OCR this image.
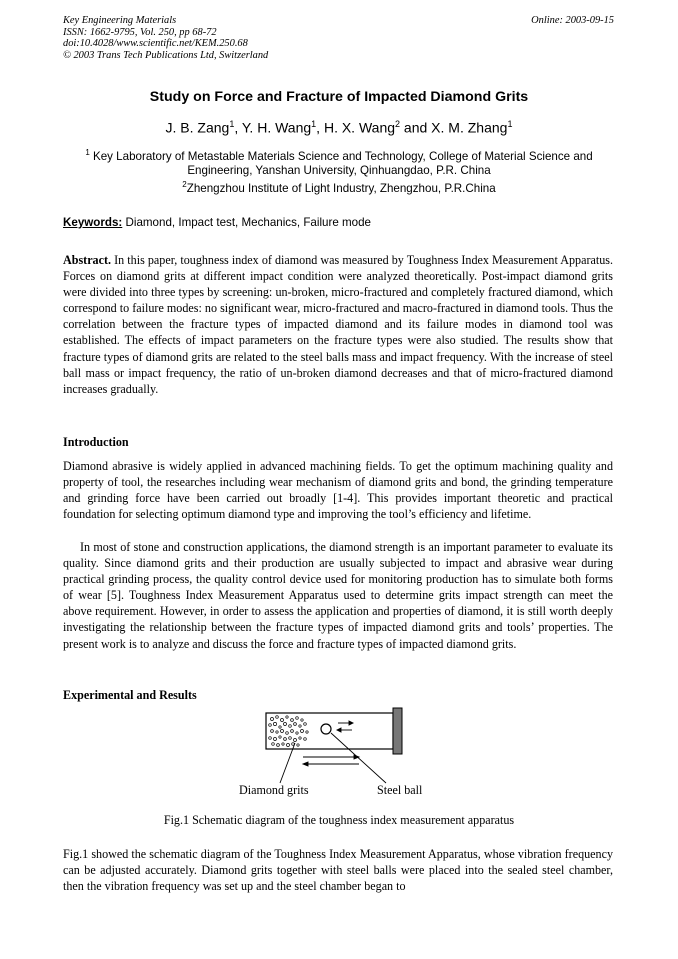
Key Engineering Materials
ISSN: 1662-9795, Vol. 250, pp 68-72
doi:10.4028/www.scientific.net/KEM.250.68
© 2003 Trans Tech Publications Ltd, Switzerland
Online: 2003-09-15
Study on Force and Fracture of Impacted Diamond Grits
J. B. Zang$^1$, Y. H. Wang$^1$, H. X. Wang$^2$ and X. M. Zhang$^1$
$^1$ Key Laboratory of Metastable Materials Science and Technology, College of Material Science and Engineering, Yanshan University, Qinhuangdao, P.R. China
$^2$Zhengzhou Institute of Light Industry, Zhengzhou, P.R.China
Keywords: Diamond, Impact test, Mechanics, Failure mode

Abstract. In this paper, toughness index of diamond was measured by Toughness Index Measurement Apparatus. Forces on diamond grits at different impact condition were analyzed theoretically. Post-impact diamond grits were divided into three types by screening: un-broken, micro-fractured and completely fractured diamond, which correspond to failure modes: no significant wear, micro-fractured and macro-fractured in diamond tools. Thus the correlation between the fracture types of impacted diamond and its failure modes in diamond tool was established. The effects of impact parameters on the fracture types were also studied. The results show that fracture types of diamond grits are related to the steel balls mass and impact frequency. With the increase of steel ball mass or impact frequency, the ratio of un-broken diamond decreases and that of micro-fractured diamond increases gradually.

Introduction

Diamond abrasive is widely applied in advanced machining fields. To get the optimum machining quality and property of tool, the researches including wear mechanism of diamond grits and bond, the grinding temperature and grinding force have been carried out broadly [1-4]. This provides important theoretic and practical foundation for selecting optimum diamond type and improving the tool’s efficiency and lifetime.

In most of stone and construction applications, the diamond strength is an important parameter to evaluate its quality. Since diamond grits and their production are usually subjected to impact and abrasive wear during practical grinding process, the quality control device used for monitoring production has to simulate both forms of wear [5]. Toughness Index Measurement Apparatus used to determine grits impact strength can meet the above requirement. However, in order to assess the application and properties of diamond, it is still worth deeply investigating the relationship between the fracture types of impacted diamond grits and tools’ properties. The present work is to analyze and discuss the force and fracture types of impacted diamond grits.

Experimental and Results
Diamond grits	Steel ball
Fig.1 Schematic diagram of the toughness index measurement apparatus

Fig.1 showed the schematic diagram of the Toughness Index Measurement Apparatus, whose vibration frequency can be adjusted accurately. Diamond grits together with steel balls were placed into the sealed steel chamber, then the vibration frequency was set up and the steel chamber began to
